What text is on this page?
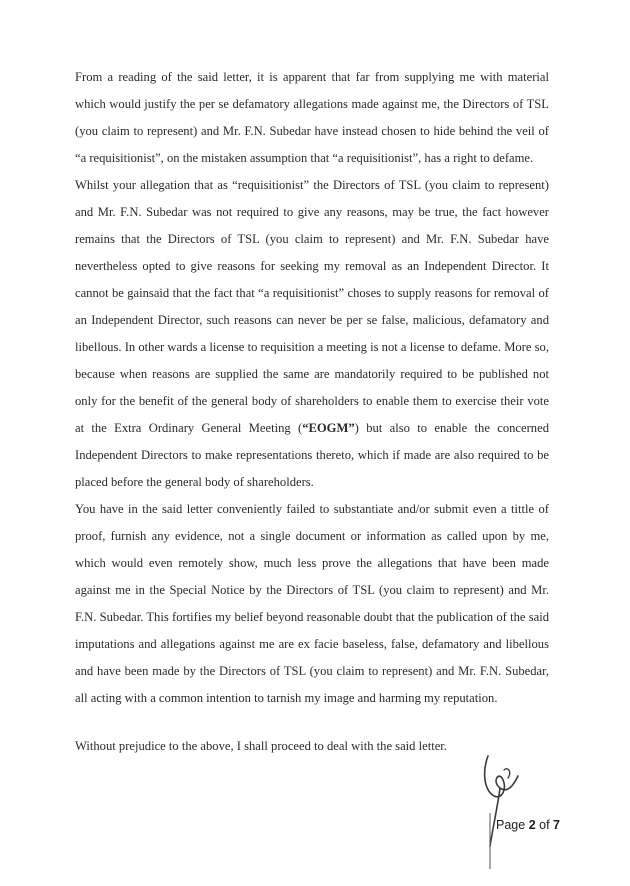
From a reading of the said letter, it is apparent that far from supplying me with material which would justify the per se defamatory allegations made against me, the Directors of TSL (you claim to represent) and Mr. F.N. Subedar have instead chosen to hide behind the veil of “a requisitionist”, on the mistaken assumption that “a requisitionist”, has a right to defame.

Whilst your allegation that as “requisitionist” the Directors of TSL (you claim to represent) and Mr. F.N. Subedar was not required to give any reasons, may be true, the fact however remains that the Directors of TSL (you claim to represent) and Mr. F.N. Subedar have nevertheless opted to give reasons for seeking my removal as an Independent Director. It cannot be gainsaid that the fact that “a requisitionist” choses to supply reasons for removal of an Independent Director, such reasons can never be per se false, malicious, defamatory and libellous. In other wards a license to requisition a meeting is not a license to defame. More so, because when reasons are supplied the same are mandatorily required to be published not only for the benefit of the general body of shareholders to enable them to exercise their vote at the Extra Ordinary General Meeting (“EOGM”) but also to enable the concerned Independent Directors to make representations thereto, which if made are also required to be placed before the general body of shareholders.

You have in the said letter conveniently failed to substantiate and/or submit even a tittle of proof, furnish any evidence, not a single document or information as called upon by me, which would even remotely show, much less prove the allegations that have been made against me in the Special Notice by the Directors of TSL (you claim to represent) and Mr. F.N. Subedar. This fortifies my belief beyond reasonable doubt that the publication of the said imputations and allegations against me are ex facie baseless, false, defamatory and libellous and have been made by the Directors of TSL (you claim to represent) and Mr. F.N. Subedar, all acting with a common intention to tarnish my image and harming my reputation.

Without prejudice to the above, I shall proceed to deal with the said letter.

Page 2 of 7
